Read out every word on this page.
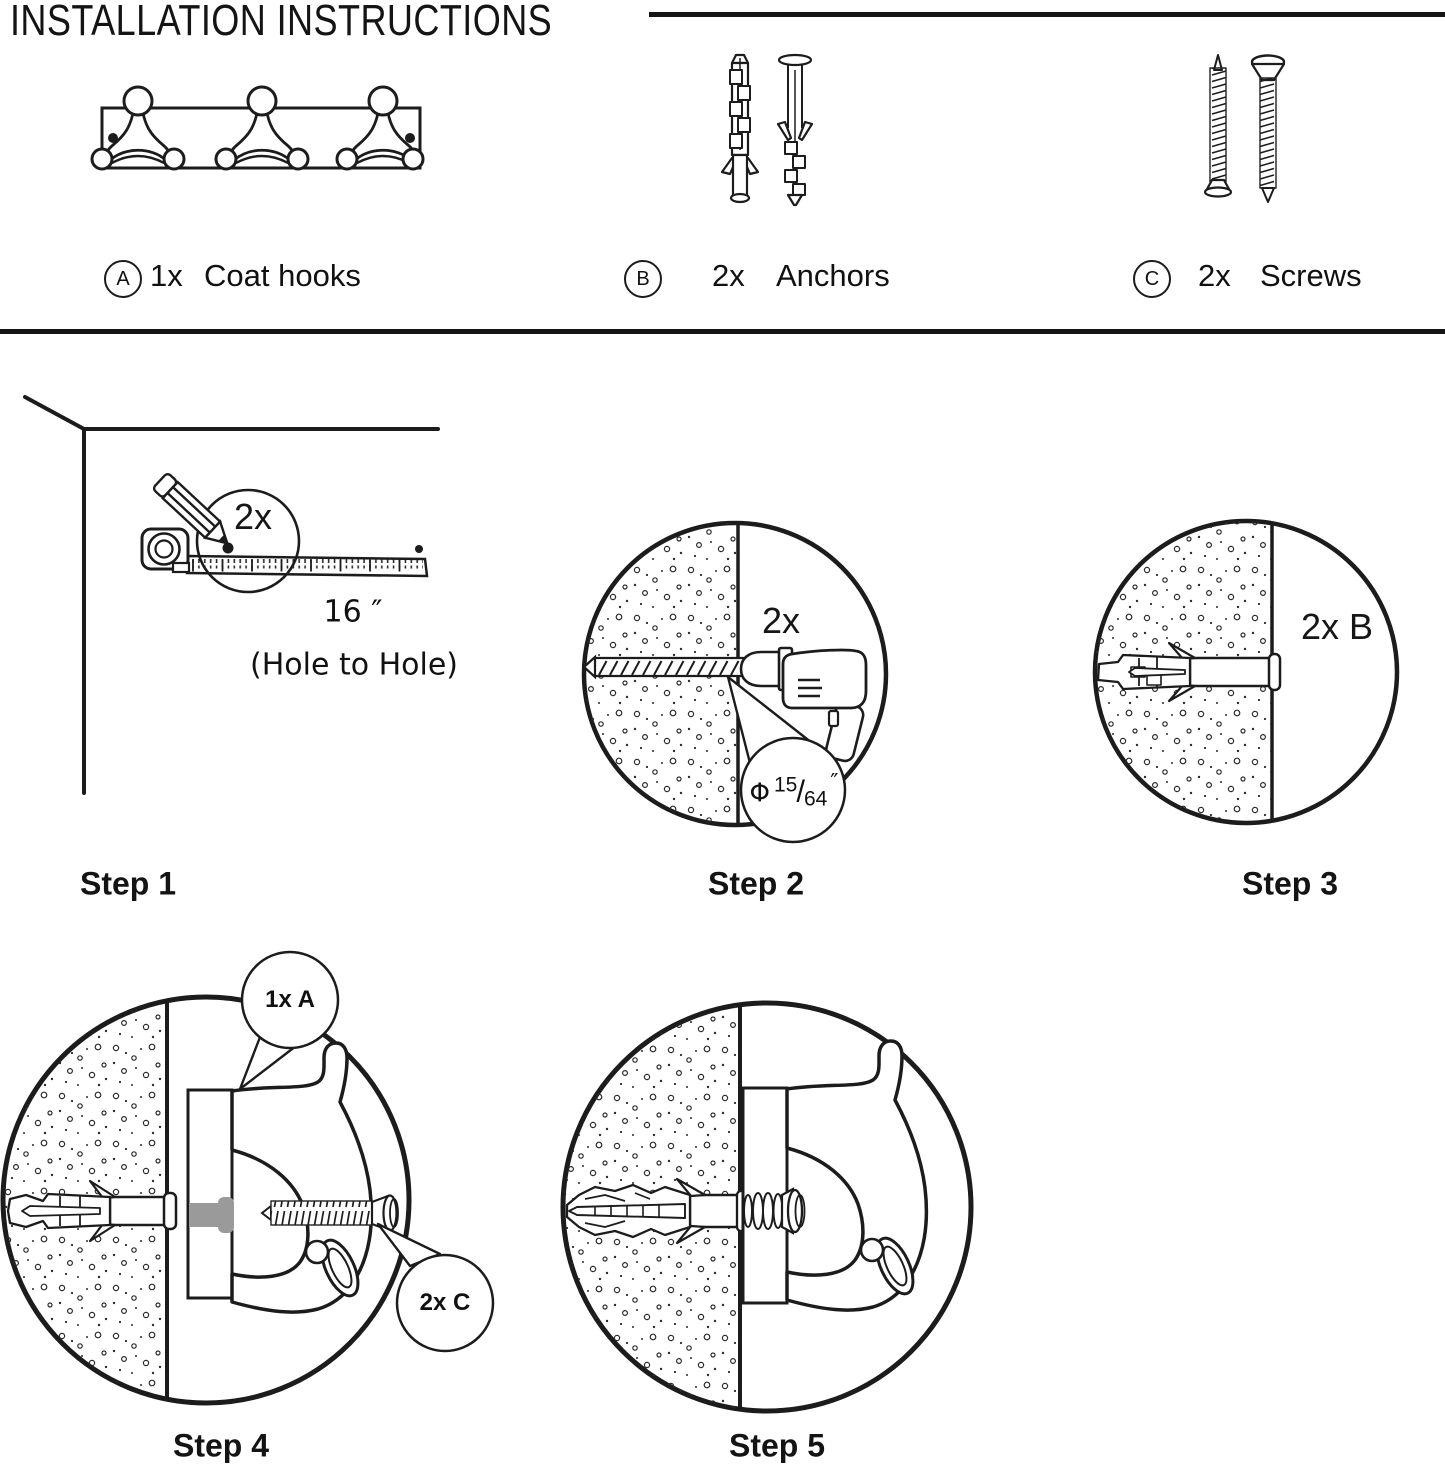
INSTALLATION INSTRUCTIONS
A 1x Coat hooks	B 2x Anchors	C 2x Screws
2x
16 ″
(Hole to Hole)
Step 1
2x
Φ 15/64″
Step 2
2x B
Step 3
1x A
2x C
Step 4	Step 5
